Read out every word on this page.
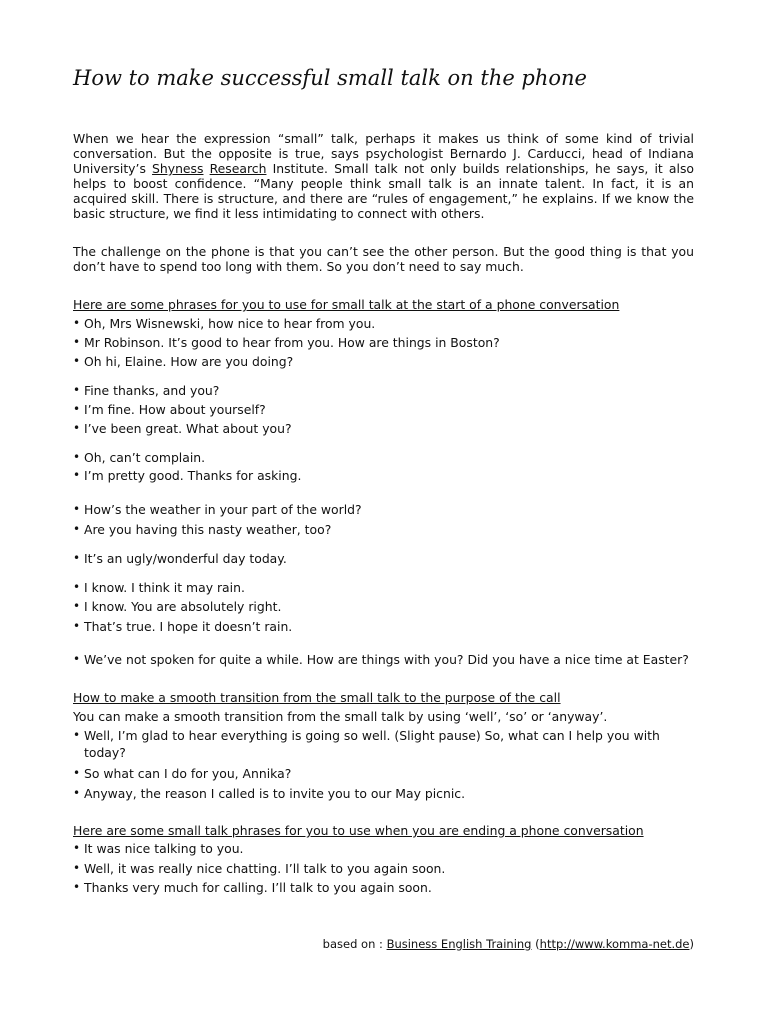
How to make successful small talk on the phone

When we hear the expression “small” talk, perhaps it makes us think of some kind of trivial conversation. But the opposite is true, says psychologist Bernardo J. Carducci, head of Indiana University’s Shyness Research Institute. Small talk not only builds relationships, he says, it also helps to boost confidence. “Many people think small talk is an innate talent. In fact, it is an acquired skill. There is structure, and there are “rules of engagement,” he explains. If we know the basic structure, we find it less intimidating to connect with others.

The challenge on the phone is that you can’t see the other person. But the good thing is that you don’t have to spend too long with them. So you don’t need to say much.

Here are some phrases for you to use for small talk at the start of a phone conversation
• Oh, Mrs Wisnewski, how nice to hear from you.
• Mr Robinson. It’s good to hear from you. How are things in Boston?
• Oh hi, Elaine. How are you doing?
• Fine thanks, and you?
• I’m fine. How about yourself?
• I’ve been great. What about you?
• Oh, can’t complain.
• I’m pretty good. Thanks for asking.
• How’s the weather in your part of the world?
• Are you having this nasty weather, too?
• It’s an ugly/wonderful day today.
• I know. I think it may rain.
• I know. You are absolutely right.
• That’s true. I hope it doesn’t rain.
• We’ve not spoken for quite a while. How are things with you? Did you have a nice time at Easter?
How to make a smooth transition from the small talk to the purpose of the call
You can make a smooth transition from the small talk by using ‘well’, ‘so’ or ‘anyway’.
• Well, I’m glad to hear everything is going so well. (Slight pause) So, what can I help you with today?
• So what can I do for you, Annika?
• Anyway, the reason I called is to invite you to our May picnic.
Here are some small talk phrases for you to use when you are ending a phone conversation
• It was nice talking to you.
• Well, it was really nice chatting. I’ll talk to you again soon.
• Thanks very much for calling. I’ll talk to you again soon.
based on : Business English Training (http://www.komma-net.de)
